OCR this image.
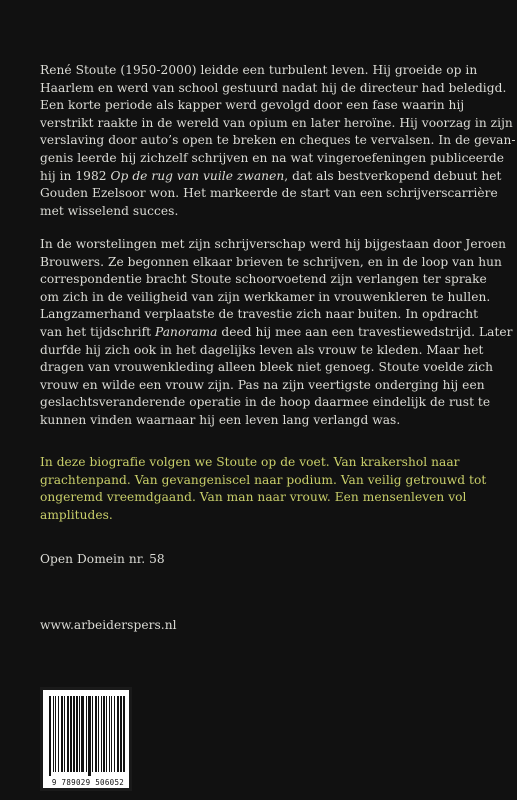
René Stoute (1950-2000) leidde een turbulent leven. Hij groeide op in
Haarlem en werd van school gestuurd nadat hij de directeur had beledigd.
Een korte periode als kapper werd gevolgd door een fase waarin hij
verstrikt raakte in de wereld van opium en later heroïne. Hij voorzag in zijn
verslaving door auto’s open te breken en cheques te vervalsen. In de gevan-
genis leerde hij zichzelf schrijven en na wat vingeroefeningen publiceerde
hij in 1982 Op de rug van vuile zwanen, dat als bestverkopend debuut het
Gouden Ezelsoor won. Het markeerde de start van een schrijverscarrière
met wisselend succes.
In de worstelingen met zijn schrijverschap werd hij bijgestaan door Jeroen
Brouwers. Ze begonnen elkaar brieven te schrijven, en in de loop van hun
correspondentie bracht Stoute schoorvoetend zijn verlangen ter sprake
om zich in de veiligheid van zijn werkkamer in vrouwenkleren te hullen.
Langzamerhand verplaatste de travestie zich naar buiten. In opdracht
van het tijdschrift Panorama deed hij mee aan een travestiewedstrijd. Later
durfde hij zich ook in het dagelijks leven als vrouw te kleden. Maar het
dragen van vrouwenkleding alleen bleek niet genoeg. Stoute voelde zich
vrouw en wilde een vrouw zijn. Pas na zijn veertigste onderging hij een
geslachtsveranderende operatie in de hoop daarmee eindelijk de rust te
kunnen vinden waarnaar hij een leven lang verlangd was.
In deze biografie volgen we Stoute op de voet. Van krakershol naar
grachtenpand. Van gevangeniscel naar podium. Van veilig getrouwd tot
ongeremd vreemdgaand. Van man naar vrouw. Een mensenleven vol
amplitudes.
Open Domein nr. 58
www.arbeiderspers.nl
9 789029 506052
